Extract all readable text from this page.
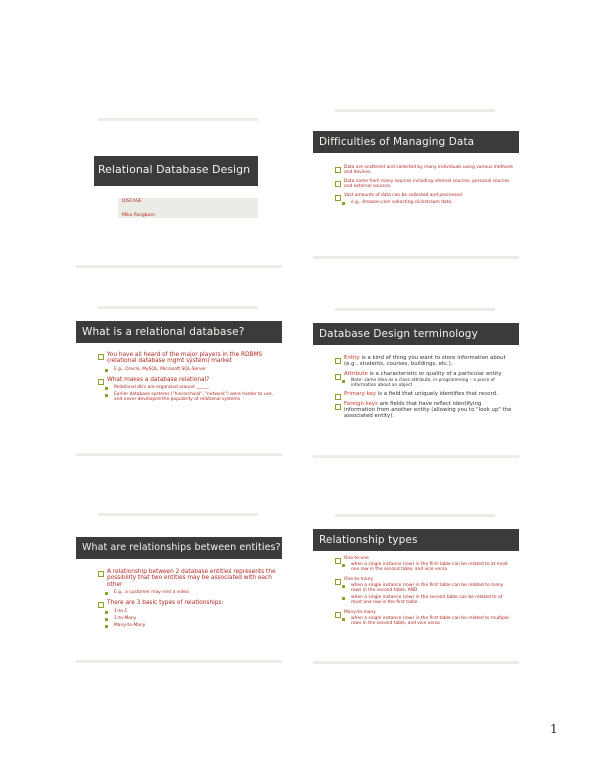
Relational Database Design
DISCASE
Mike Pangburn
Difficulties of Managing Data
Data are scattered and collected by many individuals using various methods and devices.
Data come from many sources including internal sources, personal sources and external sources.
Vast amounts of data can be collected and processed
e.g., Amazon.com collecting clickstream data
What is a relational database?
You have all heard of the major players in the RDBMS (relational database mgmt system) market
E.g., Oracle, MySQL, Microsoft SQL-Server
What makes a database relational?
Relational db's are organized around ______
Earlier database systems ("hierarchical", "network") were harder to use, and never developed the popularity of relational systems
Database Design terminology
Entity is a kind of thing you want to store information about (e.g., students, courses, buildings, etc.).
Attribute is a characteristic or quality of a particular entity
Note: same idea as a class attribute, in programming – a piece of information about an object
Primary key is a field that uniquely identifies that record.
Foreign keys are fields that have reflect identifying information from another entity (allowing you to "look up" the associated entity).
What are relationships between entities?
A relationship between 2 database entities represents the possibility that two entities may be associated with each other
E.g., a customer may rent a video
There are 3 basic types of relationships:
1-to-1
1-to-Many
Many-to-Many
Relationship types
One-to-one
when a single instance (row) in the first table can be related to at most one row in the second table, and vice versa
One-to-many
when a single instance (row) in the first table can be related to many rows in the second table, AND
when a single instance (row) in the second table can be related to at most one row in the first table
Many-to-many
when a single instance (row) in the first table can be related to multiple rows in the second table, and vice versa
1
